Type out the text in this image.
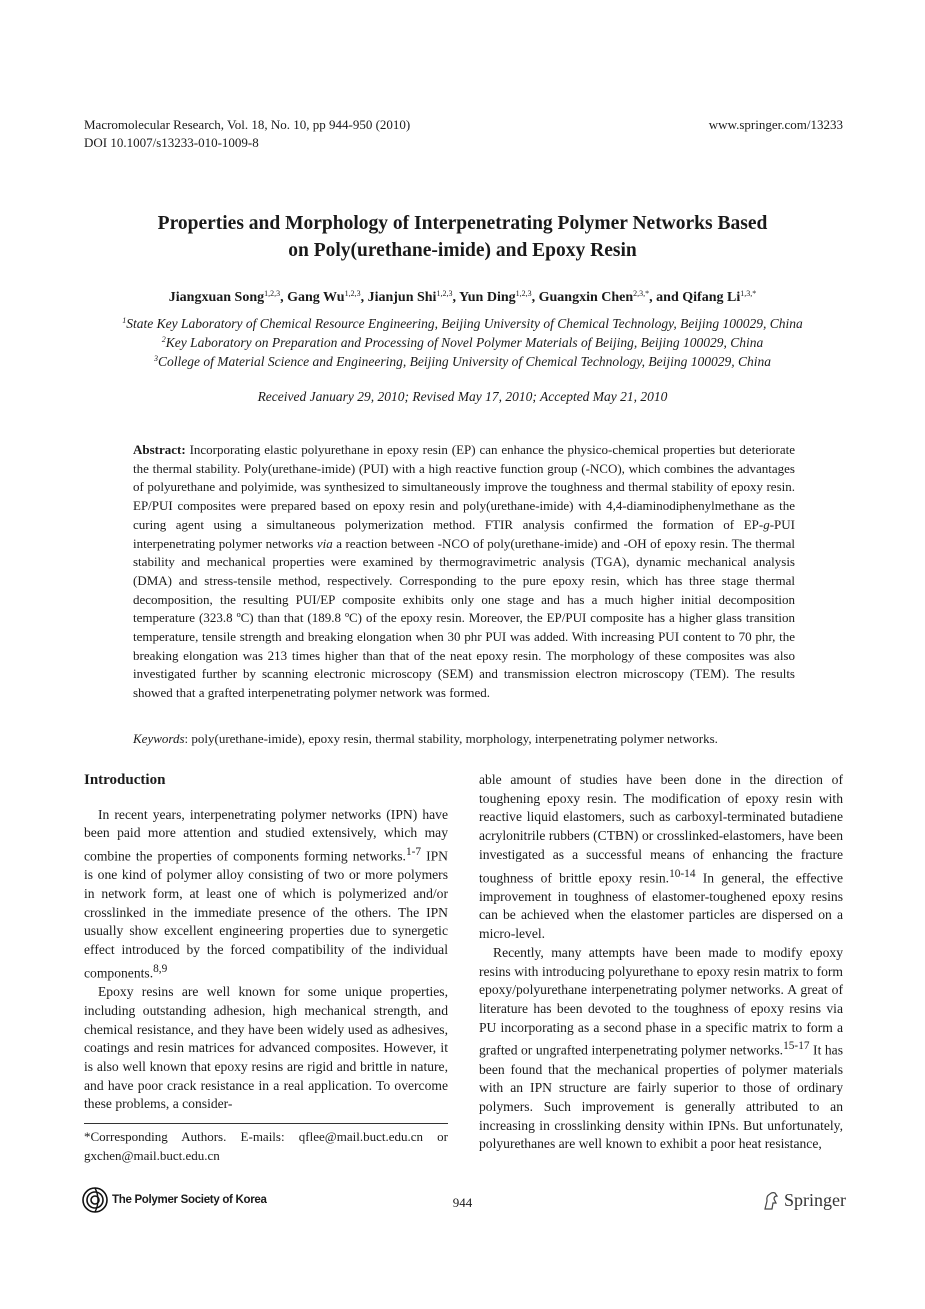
Macromolecular Research, Vol. 18, No. 10, pp 944-950 (2010)
DOI 10.1007/s13233-010-1009-8
www.springer.com/13233
Properties and Morphology of Interpenetrating Polymer Networks Based
on Poly(urethane-imide) and Epoxy Resin
Jiangxuan Song$^{1,2,3}$, Gang Wu$^{1,2,3}$, Jianjun Shi$^{1,2,3}$, Yun Ding$^{1,2,3}$, Guangxin Chen$^{2,3,*}$, and Qifang $Li^{1,3,*}$
$^1$State Key Laboratory of Chemical Resource Engineering, Beijing University of Chemical Technology, Beijing 100029, China
$^2$Key Laboratory on Preparation and Processing of Novel Polymer Materials of Beijing, Beijing 100029, China
$^3$College of Material Science and Engineering, Beijing University of Chemical Technology, Beijing 100029, China
Received January 29, 2010; Revised May 17, 2010; Accepted May 21, 2010
Abstract: Incorporating elastic polyurethane in epoxy resin (EP) can enhance the physico-chemical properties but deteriorate the thermal stability. Poly(urethane-imide) (PUI) with a high reactive function group (-NCO), which combines the advantages of polyurethane and polyimide, was synthesized to simultaneously improve the toughness and thermal stability of epoxy resin. EP/PUI composites were prepared based on epoxy resin and poly(urethane-imide) with 4,4-diaminodiphenylmethane as the curing agent using a simultaneous polymerization method. FTIR analysis confirmed the formation of EP-g-PUI interpenetrating polymer networks via a reaction between -NCO of poly(urethane-imide) and -OH of epoxy resin. The thermal stability and mechanical properties were examined by thermogravimetric analysis (TGA), dynamic mechanical analysis (DMA) and stress-tensile method, respectively. Corresponding to the pure epoxy resin, which has three stage thermal decomposition, the resulting PUI/EP composite exhibits only one stage and has a much higher initial decomposition temperature (323.8 ºC) than that (189.8 ºC) of the epoxy resin. Moreover, the EP/PUI composite has a higher glass transition temperature, tensile strength and breaking elongation when 30 phr PUI was added. With increasing PUI content to 70 phr, the breaking elongation was 213 times higher than that of the neat epoxy resin. The morphology of these composites was also investigated further by scanning electronic microscopy (SEM) and transmission electron microscopy (TEM). The results showed that a grafted interpenetrating polymer network was formed.
Keywords: poly(urethane-imide), epoxy resin, thermal stability, morphology, interpenetrating polymer networks.
Introduction

In recent years, interpenetrating polymer networks (IPN) have been paid more attention and studied extensively, which may combine the properties of components forming networks.$^{1-7}$ IPN is one kind of polymer alloy consisting of two or more polymers in network form, at least one of which is polymerized and/or crosslinked in the immediate presence of the others. The IPN usually show excellent engineering properties due to synergetic effect introduced by the forced compatibility of the individual components.$^{8,9}$

Epoxy resins are well known for some unique properties, including outstanding adhesion, high mechanical strength, and chemical resistance, and they have been widely used as adhesives, coatings and resin matrices for advanced composites. However, it is also well known that epoxy resins are rigid and brittle in nature, and have poor crack resistance in a real application. To overcome these problems, a consider-

able amount of studies have been done in the direction of toughening epoxy resin. The modification of epoxy resin with reactive liquid elastomers, such as carboxyl-terminated butadiene acrylonitrile rubbers (CTBN) or crosslinked-elastomers, have been investigated as a successful means of enhancing the fracture toughness of brittle epoxy resin.$^{10-14}$ In general, the effective improvement in toughness of elastomer-toughened epoxy resins can be achieved when the elastomer particles are dispersed on a micro-level.

Recently, many attempts have been made to modify epoxy resins with introducing polyurethane to epoxy resin matrix to form epoxy/polyurethane interpenetrating polymer networks. A great of literature has been devoted to the toughness of epoxy resins via PU incorporating as a second phase in a specific matrix to form a grafted or ungrafted interpenetrating polymer networks.$^{15-17}$ It has been found that the mechanical properties of polymer materials with an IPN structure are fairly superior to those of ordinary polymers. Such improvement is generally attributed to an increasing in crosslinking density within IPNs. But unfortunately, polyurethanes are well known to exhibit a poor heat resistance,

*Corresponding Authors. E-mails: qflee@mail.buct.edu.cn or gxchen@mail.buct.edu.cn
The Polymer Society of Korea	944	Springer
